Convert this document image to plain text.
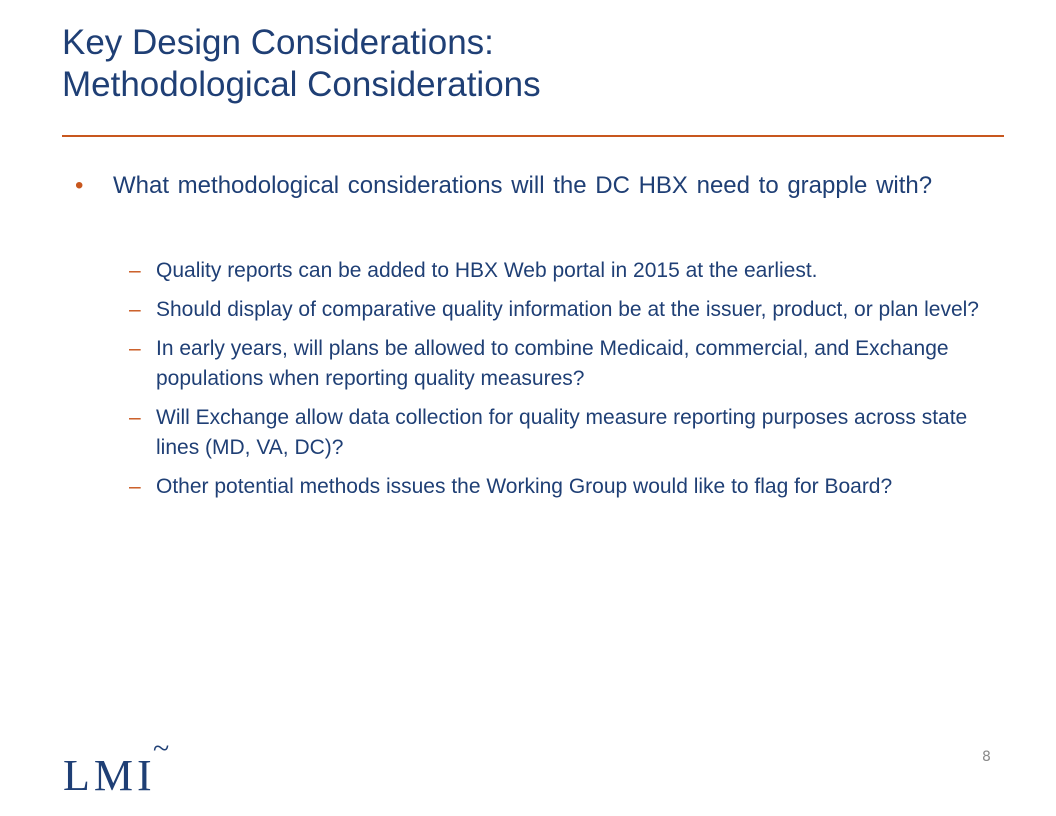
Key Design Considerations:
Methodological Considerations
• What methodological considerations will the DC HBX need to grapple with?
– Quality reports can be added to HBX Web portal in 2015 at the earliest.
– Should display of comparative quality information be at the issuer, product, or plan level?
– In early years, will plans be allowed to combine Medicaid, commercial, and Exchange populations when reporting quality measures?
– Will Exchange allow data collection for quality measure reporting purposes across state lines (MD, VA, DC)?
– Other potential methods issues the Working Group would like to flag for Board?
LMI
~	8
